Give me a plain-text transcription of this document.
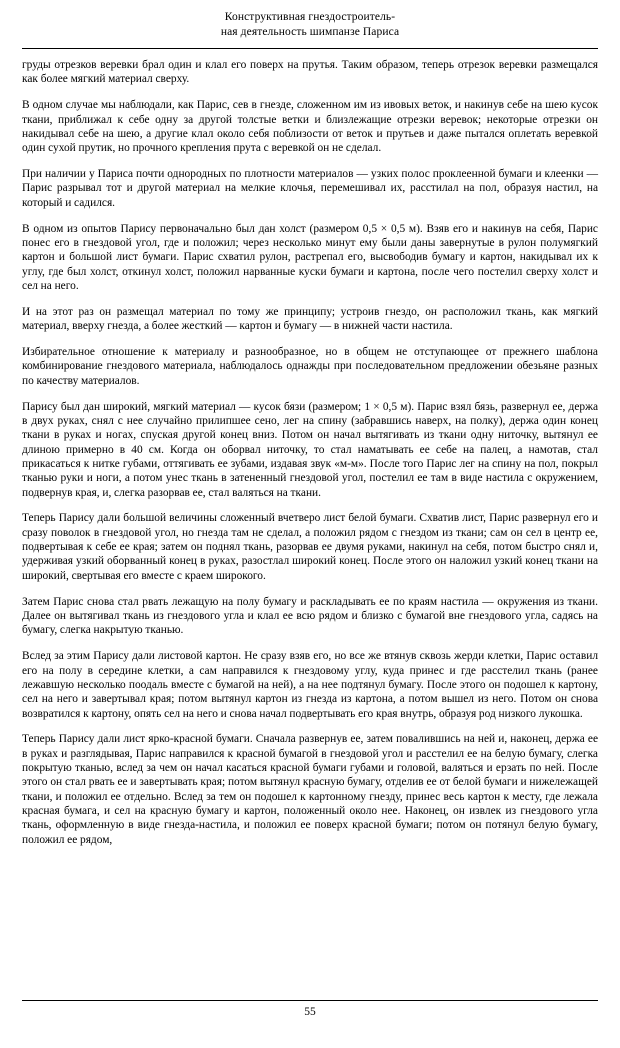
Конструктивная гнездостроитель-
ная деятельность шимпанзе Париса

груды отрезков веревки брал один и клал его поверх на прутья. Таким образом, теперь отрезок веревки размещался как более мягкий материал сверху.

В одном случае мы наблюдали, как Парис, сев в гнезде, сложенном им из ивовых веток, и накинув себе на шею кусок ткани, приближал к себе одну за другой толстые ветки и близлежащие отрезки веревок; некоторые отрезки он накидывал себе на шею, а другие клал около себя поблизости от веток и прутьев и даже пытался оплетать веревкой один сухой прутик, но прочного крепления прута с веревкой он не сделал.

При наличии у Париса почти однородных по плотности материалов — узких полос проклеенной бумаги и клеенки — Парис разрывал тот и другой материал на мелкие клочья, перемешивал их, расстилал на пол, образуя настил, на который и садился.

В одном из опытов Парису первоначально был дан холст (размером 0,5 × 0,5 м). Взяв его и накинув на себя, Парис понес его в гнездовой угол, где и положил; через несколько минут ему были даны завернутые в рулон полумягкий картон и большой лист бумаги. Парис схватил рулон, растрепал его, высвободив бумагу и картон, накидывал их к углу, где был холст, откинул холст, положил нарванные куски бумаги и картона, после чего постелил сверху холст и сел на него.

И на этот раз он размещал материал по тому же принципу; устроив гнездо, он расположил ткань, как мягкий материал, вверху гнезда, а более жесткий — картон и бумагу — в нижней части настила.

Избирательное отношение к материалу и разнообразное, но в общем не отступающее от прежнего шаблона комбинирование гнездового материала, наблюдалось однажды при последовательном предложении обезьяне разных по качеству материалов.

Парису был дан широкий, мягкий материал — кусок бязи (размером; 1 × 0,5 м). Парис взял бязь, развернул ее, держа в двух руках, снял с нее случайно прилипшее сено, лег на спину (забравшись наверх, на полку), держа один конец ткани в руках и ногах, спуская другой конец вниз. Потом он начал вытягивать из ткани одну ниточку, вытянул ее длиною примерно в 40 см. Когда он оборвал ниточку, то стал наматывать ее себе на палец, а намотав, стал прикасаться к нитке губами, оттягивать ее зубами, издавая звук «м-м». После того Парис лег на спину на пол, покрыл тканью руки и ноги, а потом унес ткань в затененный гнездовой угол, постелил ее там в виде настила с окружением, подвернув края, и, слегка разорвав ее, стал валяться на ткани.

Теперь Парису дали большой величины сложенный вчетверо лист белой бумаги. Схватив лист, Парис развернул его и сразу поволок в гнездовой угол, но гнезда там не сделал, а положил рядом с гнездом из ткани; сам он сел в центр ее, подвертывая к себе ее края; затем он поднял ткань, разорвав ее двумя руками, накинул на себя, потом быстро снял и, удерживая узкий оборванный конец в руках, разостлал широкий конец. После этого он наложил узкий конец ткани на широкий, свертывая его вместе с краем широкого.

Затем Парис снова стал рвать лежащую на полу бумагу и раскладывать ее по краям настила — окружения из ткани. Далее он вытягивал ткань из гнездового угла и клал ее всю рядом и близко с бумагой вне гнездового угла, садясь на бумагу, слегка накрытую тканью.

Вслед за этим Парису дали листовой картон. Не сразу взяв его, но все же втянув сквозь жерди клетки, Парис оставил его на полу в середине клетки, а сам направился к гнездовому углу, куда принес и где расстелил ткань (ранее лежавшую несколько поодаль вместе с бумагой на ней), а на нее подтянул бумагу. После этого он подошел к картону, сел на него и завертывал края; потом вытянул картон из гнезда из картона, а потом вышел из него. Потом он снова возвратился к картону, опять сел на него и снова начал подвертывать его края внутрь, образуя род низкого лукошка.

Теперь Парису дали лист ярко-красной бумаги. Сначала развернув ее, затем повалившись на ней и, наконец, держа ее в руках и разглядывая, Парис направился к красной бумагой в гнездовой угол и расстелил ее на белую бумагу, слегка покрытую тканью, вслед за чем он начал касаться красной бумаги губами и головой, валяться и ерзать по ней. После этого он стал рвать ее и завертывать края; потом вытянул красную бумагу, отделив ее от белой бумаги и нижележащей ткани, и положил ее отдельно. Вслед за тем он подошел к картонному гнезду, принес весь картон к месту, где лежала красная бумага, и сел на красную бумагу и картон, положенный около нее. Наконец, он извлек из гнездового угла ткань, оформленную в виде гнезда-настила, и положил ее поверх красной бумаги; потом он потянул белую бумагу, положил ее рядом,

55
